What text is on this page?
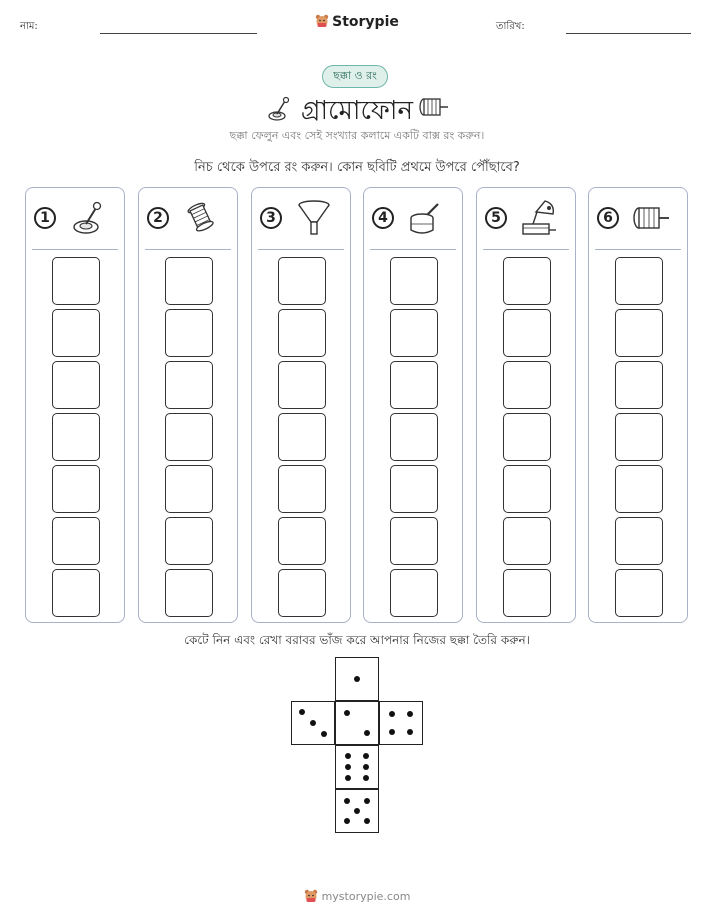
নাম:	Storypie	তারিখ:
ছক্কা ও রং
গ্রামোফোন
ছক্কা ফেলুন এবং সেই সংখ্যার কলামে একটি বাক্স রং করুন।
নিচ থেকে উপরে রং করুন। কোন ছবিটি প্রথমে উপরে পৌঁছাবে?
1	2	3	4	5	6
কেটে নিন এবং রেখা বরাবর ভাঁজ করে আপনার নিজের ছক্কা তৈরি করুন।
mystorypie.com
